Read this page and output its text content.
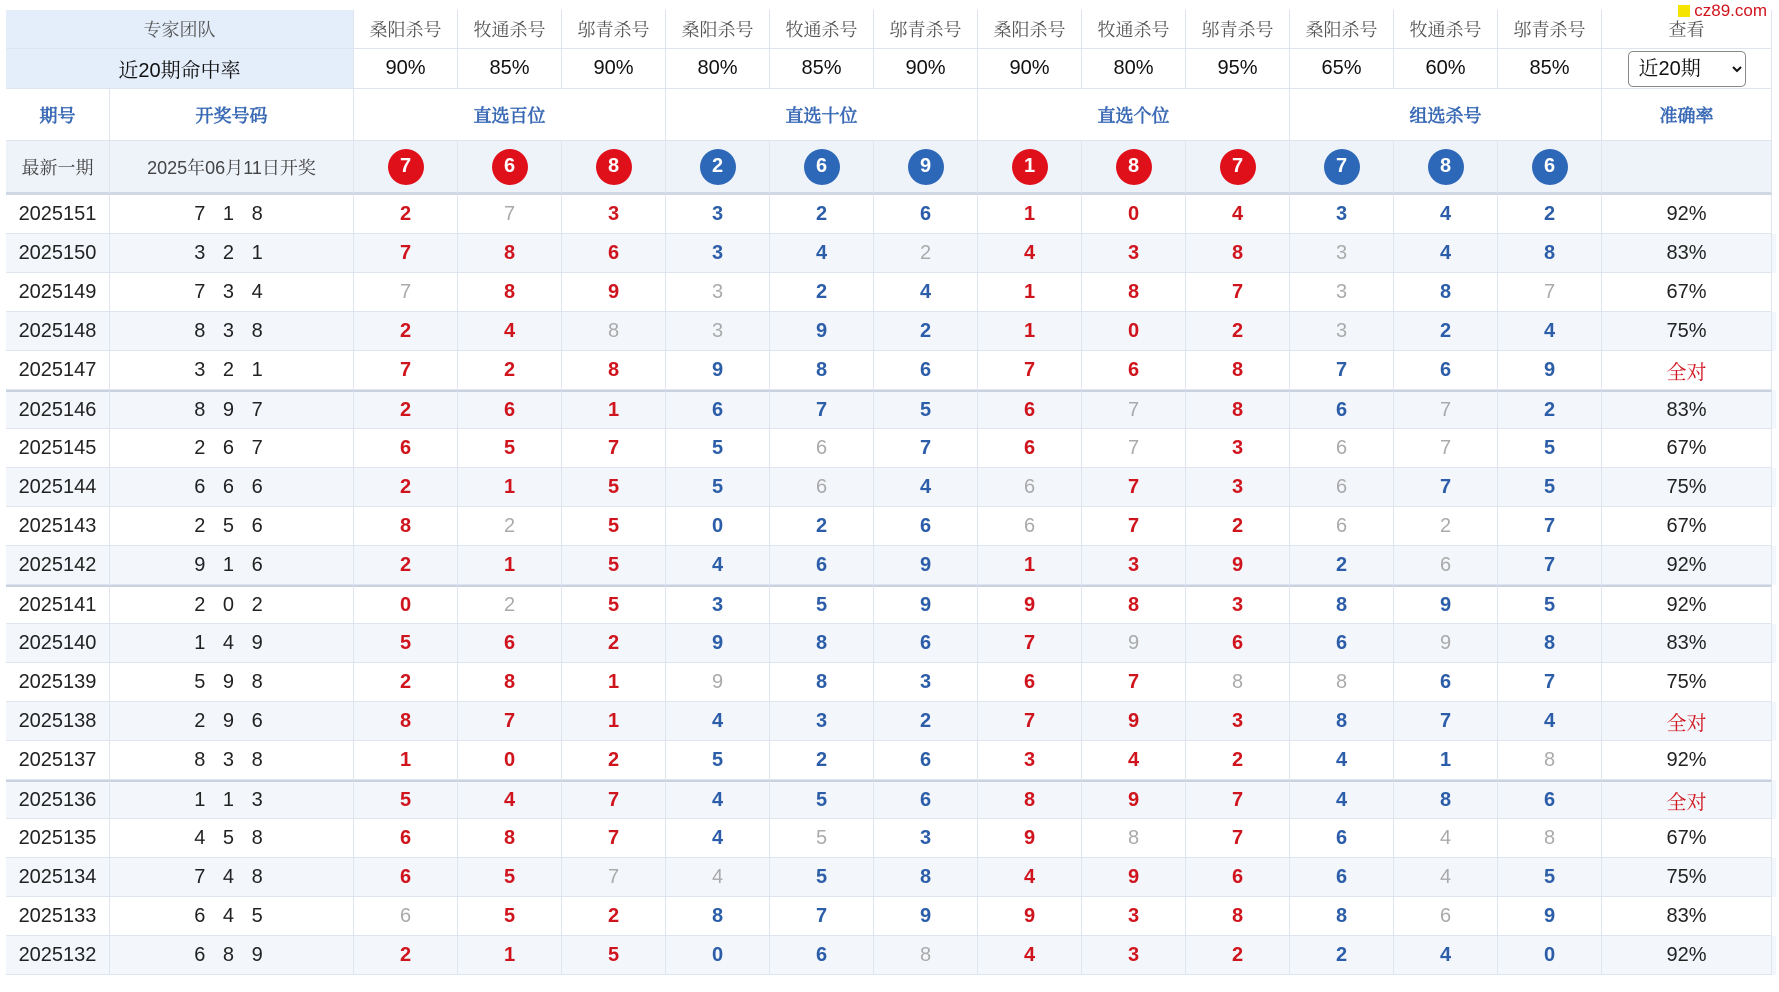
cz89.com
专家团队	桑阳杀号	牧通杀号	邬青杀号	桑阳杀号	牧通杀号	邬青杀号	桑阳杀号	牧通杀号	邬青杀号	桑阳杀号	牧通杀号	邬青杀号	查看
近20期命中率	90%	85%	90%	80%	85%	90%	90%	80%	95%	65%	60%	85%
近20期
期号	开奖号码	直选百位	直选十位	直选个位	组选杀号	准确率
最新一期	2025年06月11日开奖	7	6	8	2	6	9	1	8	7	7	8	6
2025151	7 1 8	2	7	3	3	2	6	1	0	4	3	4	2	92%
2025150	3 2 1	7	8	6	3	4	2	4	3	8	3	4	8	83%
2025149	7 3 4	7	8	9	3	2	4	1	8	7	3	8	7	67%
2025148	8 3 8	2	4	8	3	9	2	1	0	2	3	2	4	75%
2025147	3 2 1	7	2	8	9	8	6	7	6	8	7	6	9	全对
2025146	8 9 7	2	6	1	6	7	5	6	7	8	6	7	2	83%
2025145	2 6 7	6	5	7	5	6	7	6	7	3	6	7	5	67%
2025144	6 6 6	2	1	5	5	6	4	6	7	3	6	7	5	75%
2025143	2 5 6	8	2	5	0	2	6	6	7	2	6	2	7	67%
2025142	9 1 6	2	1	5	4	6	9	1	3	9	2	6	7	92%
2025141	2 0 2	0	2	5	3	5	9	9	8	3	8	9	5	92%
2025140	1 4 9	5	6	2	9	8	6	7	9	6	6	9	8	83%
2025139	5 9 8	2	8	1	9	8	3	6	7	8	8	6	7	75%
2025138	2 9 6	8	7	1	4	3	2	7	9	3	8	7	4	全对
2025137	8 3 8	1	0	2	5	2	6	3	4	2	4	1	8	92%
2025136	1 1 3	5	4	7	4	5	6	8	9	7	4	8	6	全对
2025135	4 5 8	6	8	7	4	5	3	9	8	7	6	4	8	67%
2025134	7 4 8	6	5	7	4	5	8	4	9	6	6	4	5	75%
2025133	6 4 5	6	5	2	8	7	9	9	3	8	8	6	9	83%
2025132	6 8 9	2	1	5	0	6	8	4	3	2	2	4	0	92%
